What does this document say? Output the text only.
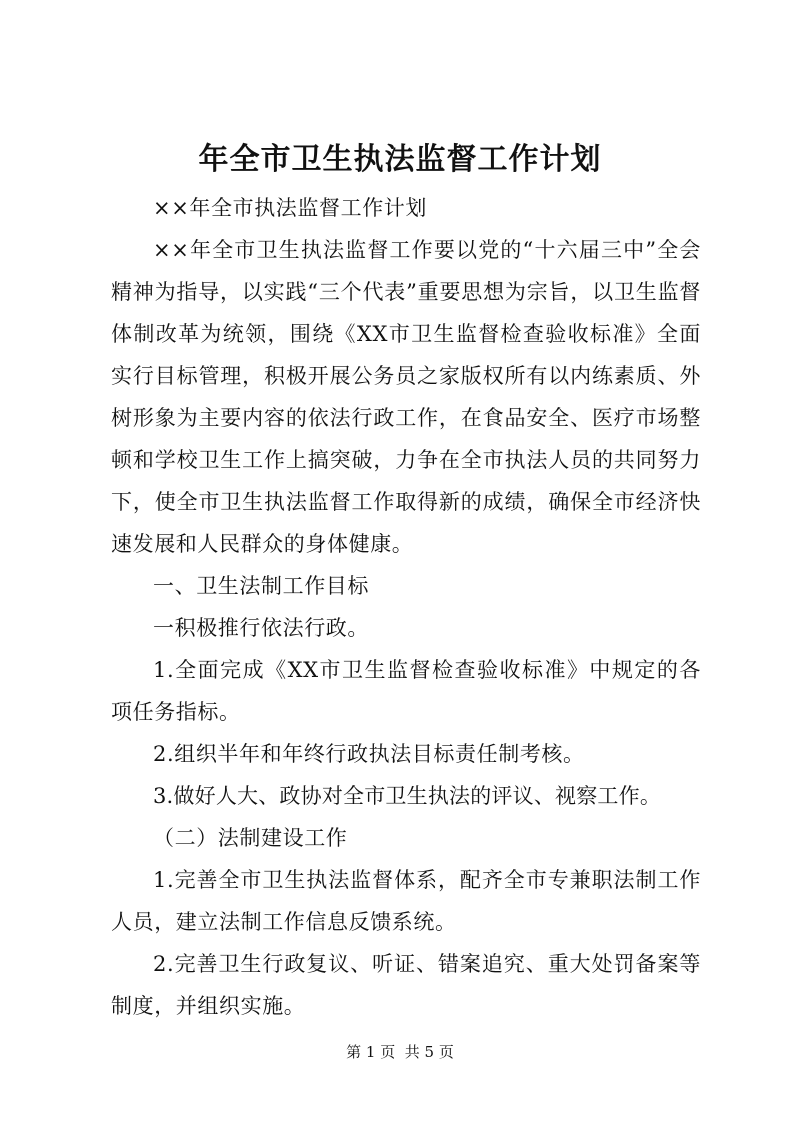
年全市卫生执法监督工作计划

××年全市执法监督工作计划

××年全市卫生执法监督工作要以党的“十六届三中”全会精神为指导，以实践“三个代表”重要思想为宗旨，以卫生监督体制改革为统领，围绕《XX市卫生监督检查验收标准》全面实行目标管理，积极开展公务员之家版权所有以内练素质、外树形象为主要内容的依法行政工作，在食品安全、医疗市场整顿和学校卫生工作上搞突破，力争在全市执法人员的共同努力下，使全市卫生执法监督工作取得新的成绩，确保全市经济快速发展和人民群众的身体健康。

一、卫生法制工作目标

一积极推行依法行政。

1.全面完成《XX市卫生监督检查验收标准》中规定的各项任务指标。

2.组织半年和年终行政执法目标责任制考核。

3.做好人大、政协对全市卫生执法的评议、视察工作。

（二）法制建设工作

1.完善全市卫生执法监督体系，配齐全市专兼职法制工作人员，建立法制工作信息反馈系统。

2.完善卫生行政复议、听证、错案追究、重大处罚备案等制度，并组织实施。

第 1 页  共 5 页
